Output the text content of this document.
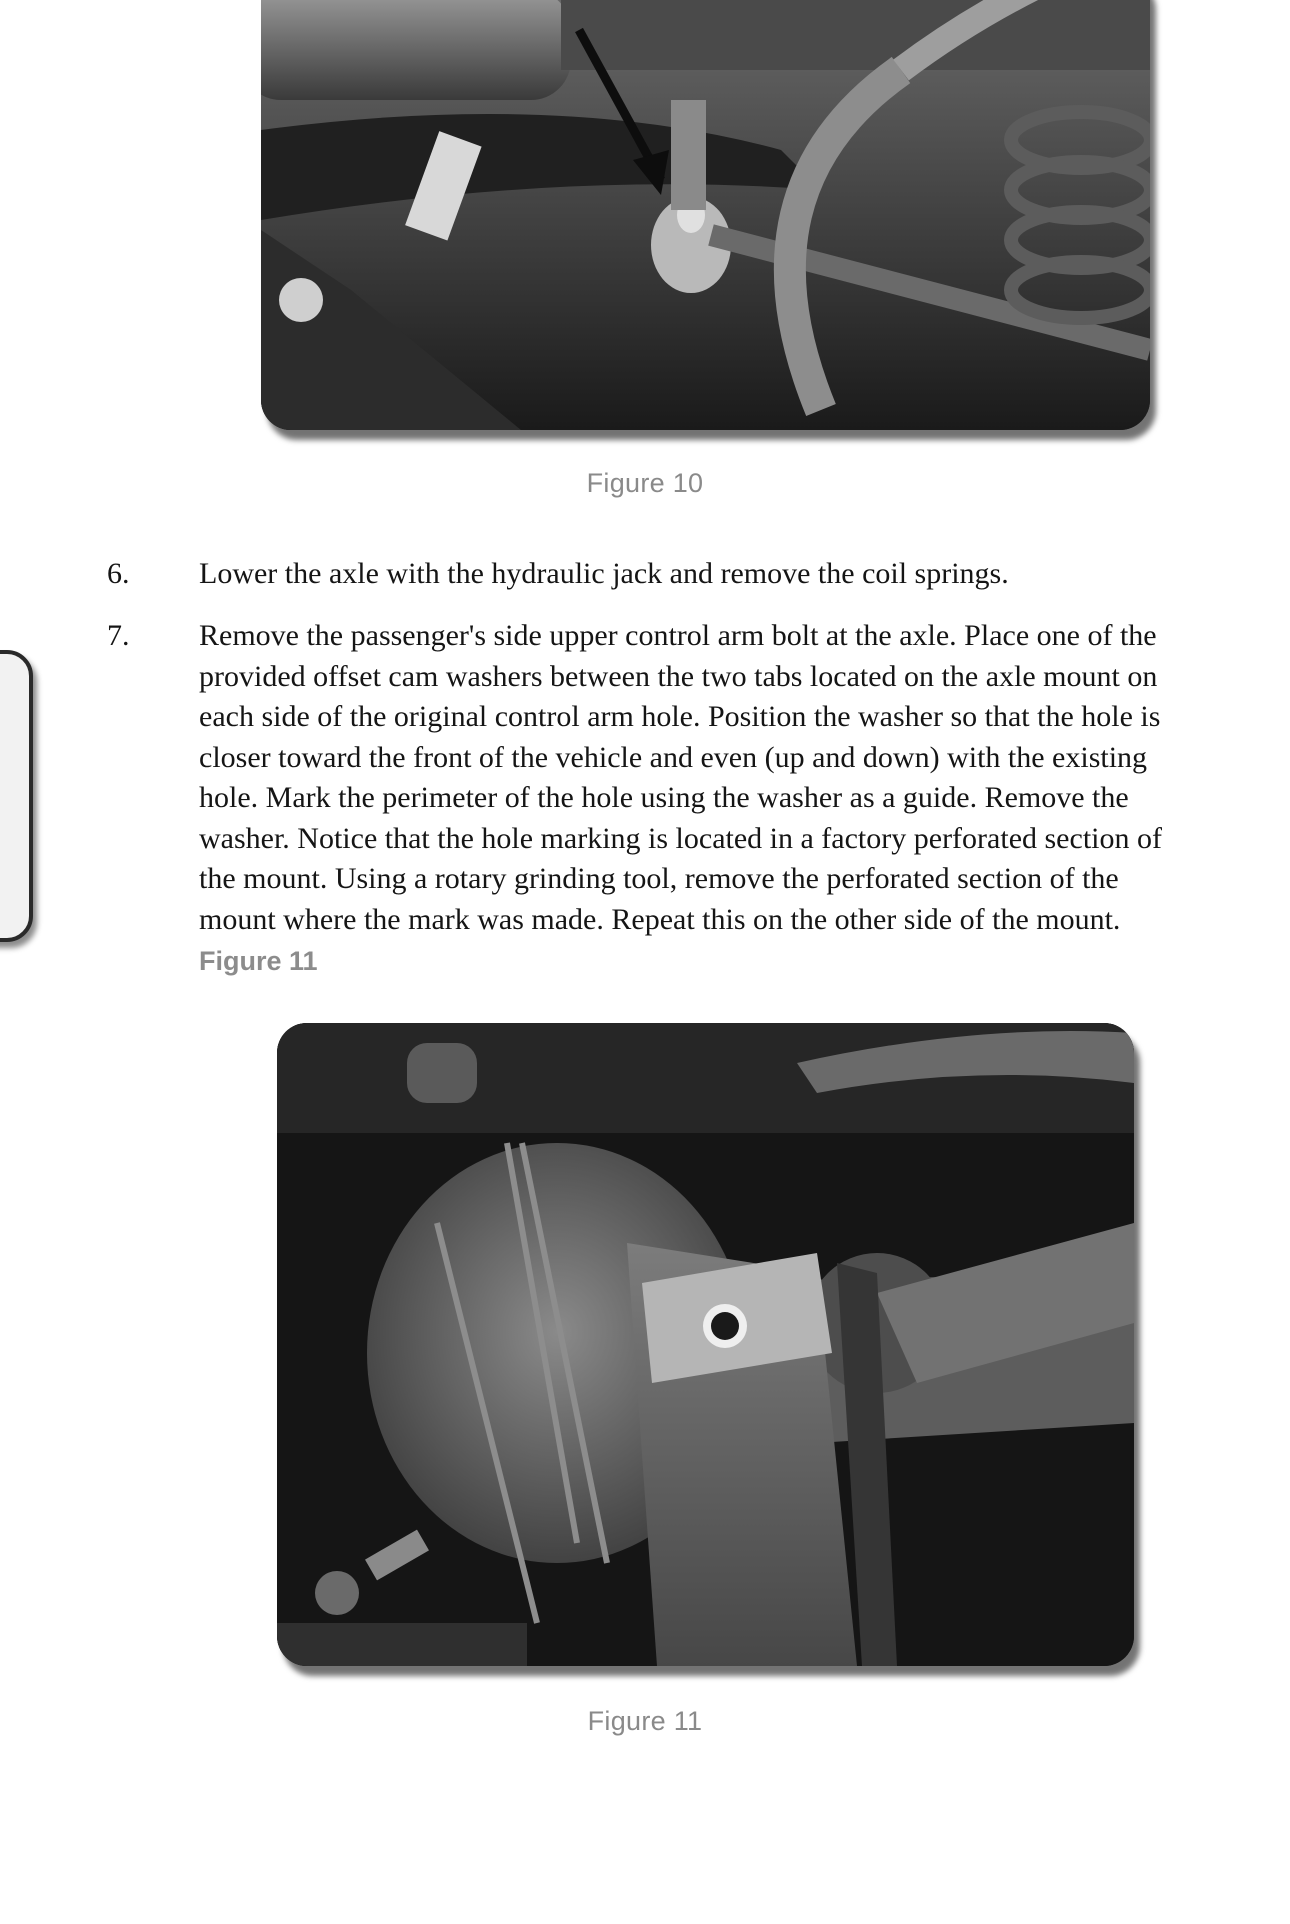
Figure 10
6. Lower the axle with the hydraulic jack and remove the coil springs.
7. Remove the passenger's side upper control arm bolt at the axle. Place one of the
provided offset cam washers between the two tabs located on the axle mount on
each side of the original control arm hole. Position the washer so that the hole is
closer toward the front of the vehicle and even (up and down) with the existing
hole. Mark the perimeter of the hole using the washer as a guide. Remove the
washer. Notice that the hole marking is located in a factory perforated section of
the mount. Using a rotary grinding tool, remove the perforated section of the
mount where the mark was made. Repeat this on the other side of the mount.
Figure 11
Figure 11
